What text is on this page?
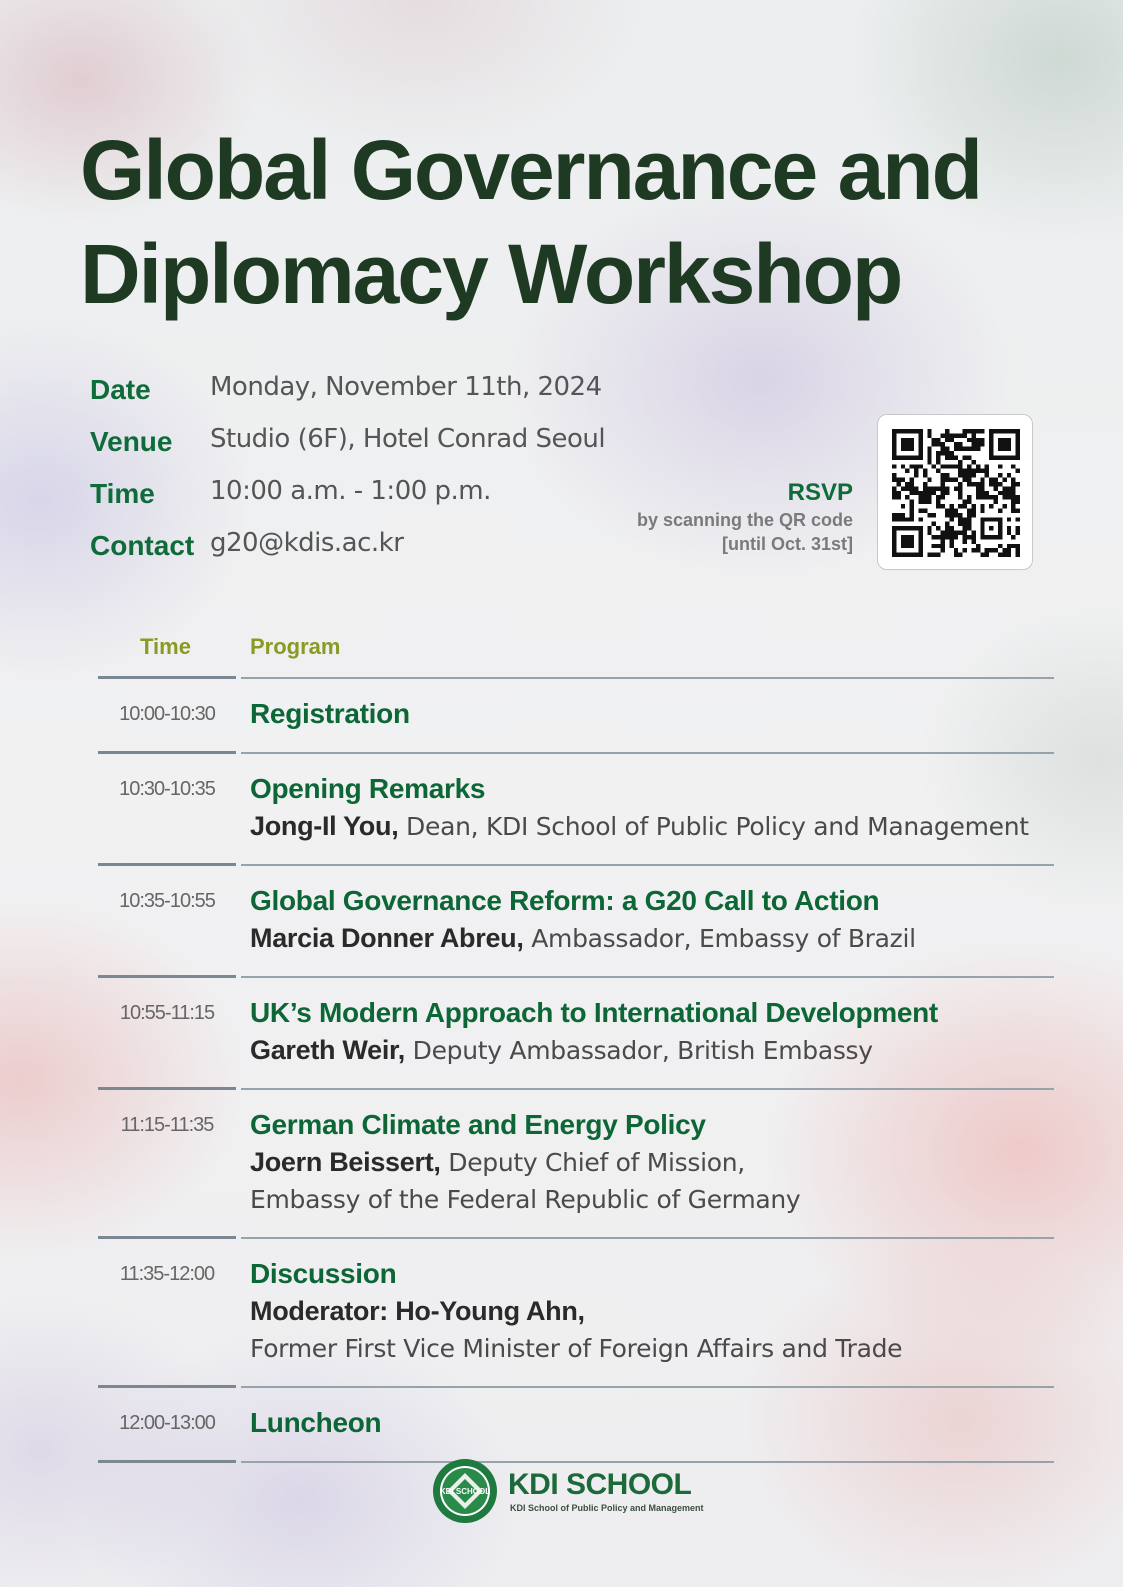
Global Governance and
Diplomacy Workshop
Date Monday, November 11th, 2024
Venue Studio (6F), Hotel Conrad Seoul
Time 10:00 a.m. - 1:00 p.m.
Contact g20@kdis.ac.kr
RSVP
by scanning the QR code
[until Oct. 31st]
Time	Program
10:00-10:30	Registration
10:30-10:35	Opening Remarks
Jong-Il You, Dean, KDI School of Public Policy and Management
10:35-10:55	Global Governance Reform: a G20 Call to Action
Marcia Donner Abreu, Ambassador, Embassy of Brazil
10:55-11:15	UK’s Modern Approach to International Development
Gareth Weir, Deputy Ambassador, British Embassy
11:15-11:35	German Climate and Energy Policy
Joern Beissert, Deputy Chief of Mission,
Embassy of the Federal Republic of Germany
11:35-12:00	Discussion
Moderator: Ho-Young Ahn,
Former First Vice Minister of Foreign Affairs and Trade
12:00-13:00	Luncheon
KDI SCHOOL KDI SCHOOL
KDI School of Public Policy and Management
